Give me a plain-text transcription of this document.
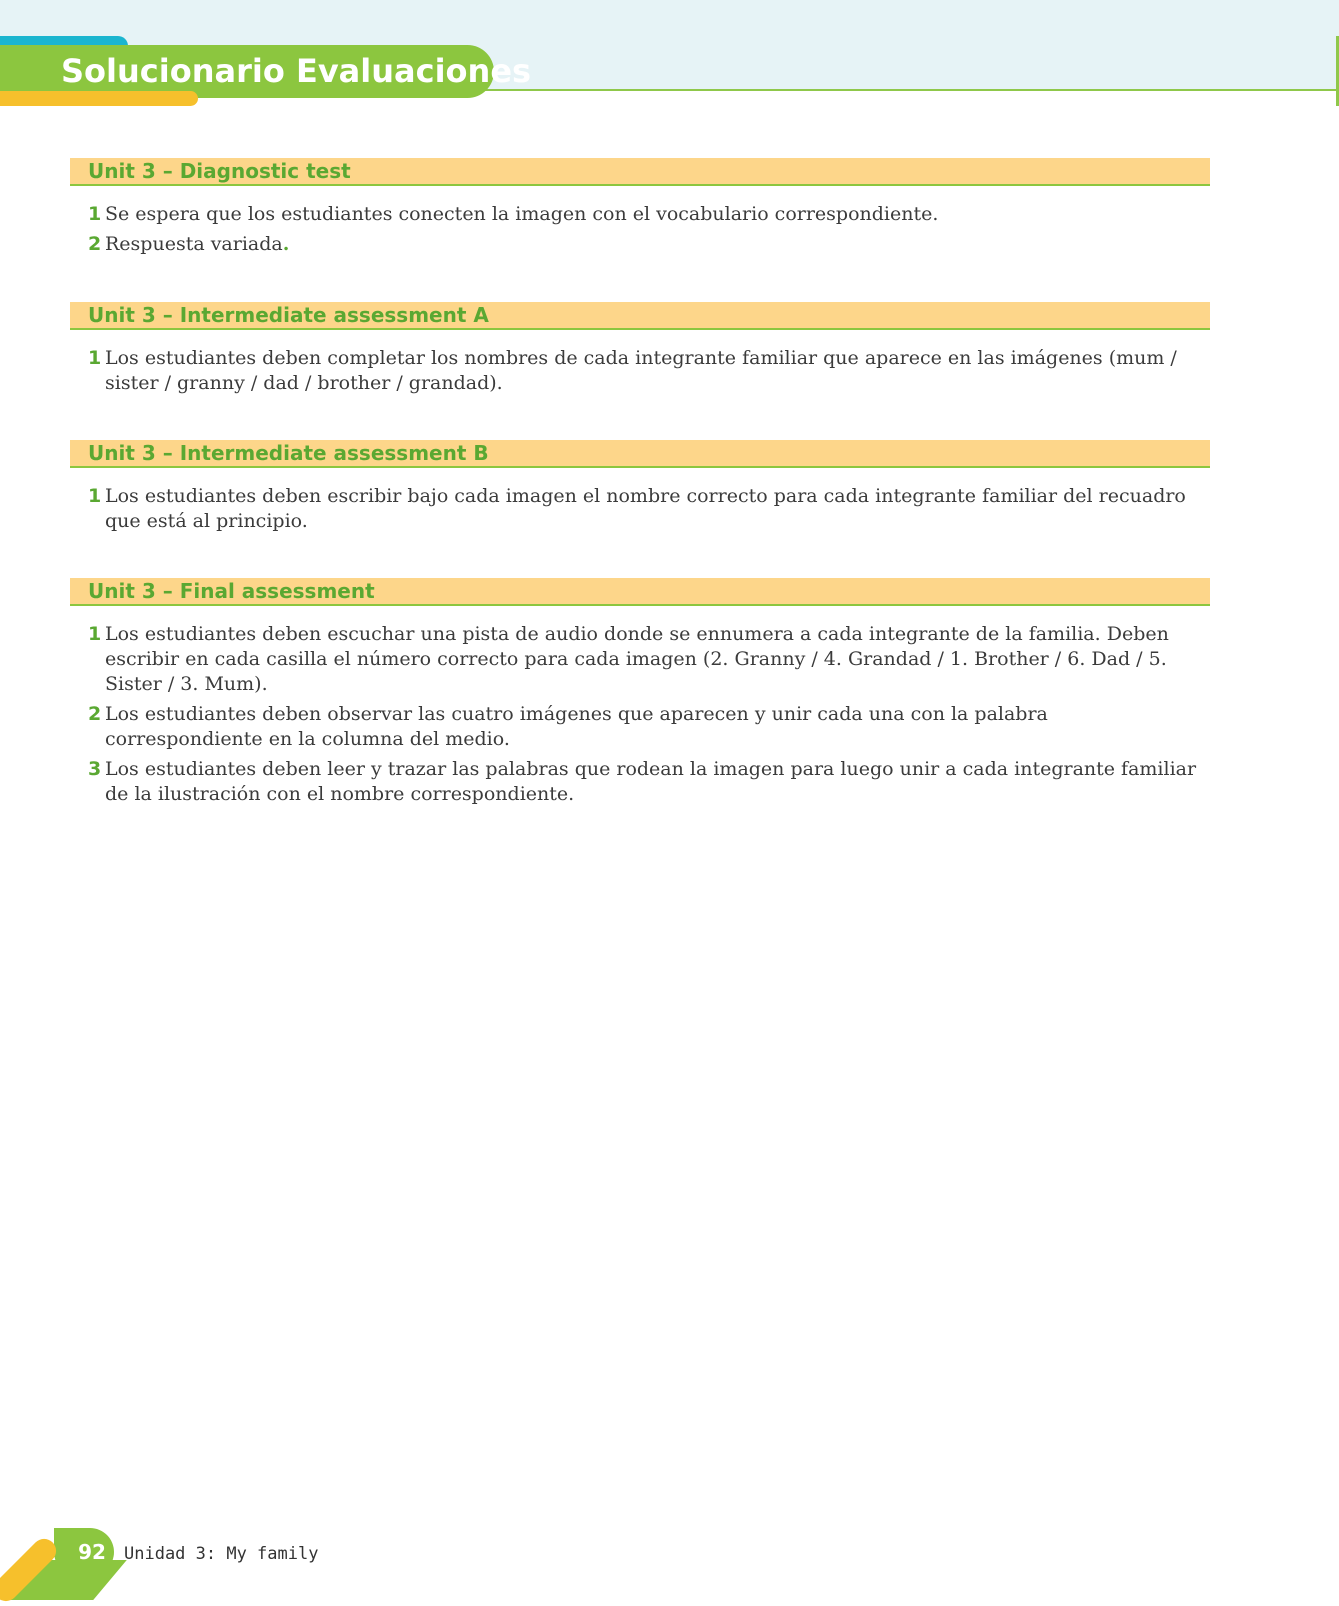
Solucionario Evaluaciones
Unit 3 – Diagnostic test
1 Se espera que los estudiantes conecten la imagen con el vocabulario correspondiente.
2 Respuesta variada.
Unit 3 – Intermediate assessment A
1 Los estudiantes deben completar los nombres de cada integrante familiar que aparece en las imágenes (mum / sister / granny / dad / brother / grandad).
Unit 3 – Intermediate assessment B
1 Los estudiantes deben escribir bajo cada imagen el nombre correcto para cada integrante familiar del recuadro que está al principio.
Unit 3 – Final assessment
1 Los estudiantes deben escuchar una pista de audio donde se ennumera a cada integrante de la familia. Deben escribir en cada casilla el número correcto para cada imagen (2. Granny / 4. Grandad / 1. Brother / 6. Dad / 5. Sister / 3. Mum).
2 Los estudiantes deben observar las cuatro imágenes que aparecen y unir cada una con la palabra correspondiente en la columna del medio.
3 Los estudiantes deben leer y trazar las palabras que rodean la imagen para luego unir a cada integrante familiar de la ilustración con el nombre correspondiente.
92	Unidad 3: My family
